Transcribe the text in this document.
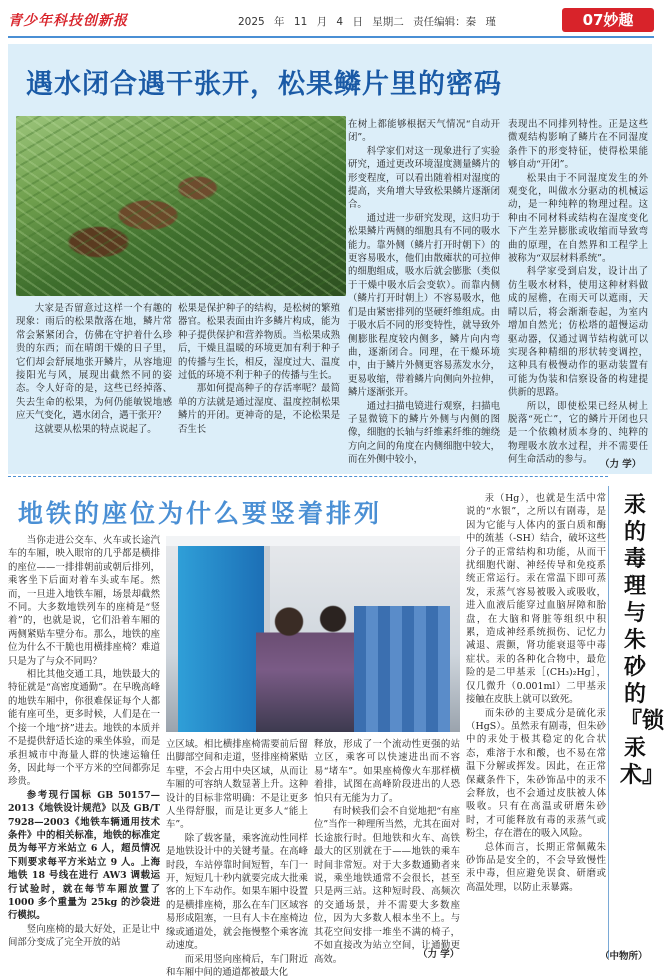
青少年科技创新报	2025 年 11 月 4 日 星期二 责任编辑：秦 瑾	07妙趣
遇水闭合遇干张开，松果鳞片里的密码

大家是否留意过这样一个有趣的现象：雨后的松果散落在地，鳞片常常会紧紧闭合，仿佛在守护着什么珍贵的东西；而在晴朗干燥的日子里，它们却会舒展地张开鳞片，从容地迎接阳光与风，展现出截然不同的姿态。令人好奇的是，这些已经掉落、失去生命的松果，为何仍能敏锐地感应天气变化，遇水闭合，遇干张开？

这就要从松果的特点说起了。

松果是保护种子的结构，是松树的繁殖器官。松果表面由许多鳞片构成，能为种子提供保护和营养物质。当松果成熟后，干燥且温暖的环境更加有利于种子的传播与生长，相反，湿度过大、温度过低的环境不利于种子的传播与生长。

那如何提高种子的存活率呢？最简单的方法就是通过湿度、温度控制松果鳞片的开闭。更神奇的是，不论松果是否生长

在树上都能够根据天气情况“自动开闭”。

科学家们对这一现象进行了实验研究，通过更改环境湿度测量鳞片的形变程度，可以看出随着相对湿度的提高，夹角增大导致松果鳞片逐渐闭合。

通过进一步研究发现，这归功于松果鳞片两侧的细胞具有不同的吸水能力。靠外侧（鳞片打开时朝下）的更容易吸水，他们由散瘫状的可拉伸的细胞组成，吸水后就会膨胀（类似于干燥中吸水后会变软）。而靠内侧（鳞片打开时朝上）不容易吸水，他们是由紧密排列的坚硬纤维组成。由于吸水后不同的形变特性，就导致外侧膨胀程度较内侧多，鳞片向内弯曲，逐渐闭合。同理，在干燥环境中，由于鳞片外侧更容易蒸发水分，更易收缩，带着鳞片向侧向外拉伸，鳞片逐渐张开。

通过扫描电镜进行观察，扫描电子显微镜下的鳞片外侧与内侧的图像，细胞的长轴与纤维素纤维的缠绕方向之间的角度在内侧细胞中较大，而在外侧中较小，

表现出不同排列特性。正是这些微观结构影响了鳞片在不同湿度条件下的形变特征，使得松果能够自动“开闭”。

松果由于不同湿度发生的外观变化，叫做水分驱动的机械运动，是一种纯粹的物理过程。这种由不同材料或结构在湿度变化下产生差异膨胀或收缩而导致弯曲的原理，在自然界和工程学上被称为“双层材料系统”。

科学家受到启发，设计出了仿生吸水材料，使用这种材料做成的屋檐，在雨天可以遮雨，天晴以后，将会渐渐卷起，为室内增加自然光；仿松塔的超慢运动驱动器，仅通过调节结构就可以实现各种精细的形状转变调控，这种具有极慢动作的驱动装置有可能为伪装和信察设备的构建提供新的思路。

所以，即使松果已经从树上脱落“死亡”，它的鳞片开闭也只是一个依赖材质本身的、纯粹的物理吸水放水过程，并不需要任何生命活动的参与。 （力 学）
地铁的座位为什么要竖着排列

当你走进公交车、火车或长途汽车的车厢，映入眼帘的几乎都是横排的座位——一排排朝前或朝后排列，乘客坐下后面对着车头或车尾。然而，一旦进入地铁车厢，场景却截然不同。大多数地铁列车的座椅是“竖着”的，也就是说，它们沿着车厢的两侧紧贴车壁分布。那么，地铁的座位为什么不干脆也用横排座椅？难道只是为了与众不同吗？

相比其他交通工具，地铁最大的特征就是“高密度通勤”。在早晚高峰的地铁车厢中，你很难保证每个人都能有座可坐，更多时候，人们是在一个接一个地“挤”进去。地铁的本质并不是提供舒适长途的乘坐体验，而是承担城市中海量人群的快速运输任务，因此每一个平方米的空间都弥足珍贵。

参考现行国标 GB 50157—2013《地铁设计规范》以及 GB/T 7928—2003《地铁车辆通用技术条件》中的相关标准，地铁的标准定员为每平方米站立 6 人，超员情况下则要求每平方米站立 9 人。上海地铁 18 号线在进行 AW3 调载运行试验时，就在每节车厢放置了 1000 多个重量为 25kg 的沙袋进行模拟。

竖向座椅的最大好处，正是让中间部分变成了完全开放的站

立区域。相比横排座椅需要前后留出脚部空间和走道，竖排座椅紧贴车壁，不会占用中央区域，从而让车厢的可容纳人数显著上升。这种设计的目标非常明确：不是让更多人坐得舒服，而是让更多人“能上车”。

除了载客量，乘客流动性同样是地铁设计中的关键考量。在高峰时段，车站停靠时间短暂，车门一开，短短几十秒内就要完成大批乘客的上下车动作。如果车厢中设置的是横排座椅，那么在车门区域容易形成阻塞，一旦有人卡在座椅边缘或通道处，就会拖慢整个乘客流动速度。

而采用竖向座椅后，车门附近和车厢中间的通道都被最大化

释放，形成了一个流动性更强的站立区，乘客可以快速进出而不容易“堵车”。如果座椅像火车那样横着排，试图在高峰阶段进出的人恐怕只有无能为力了。

有时候我们会不自觉地把“有座位”当作一种理所当然，尤其在面对长途旅行时。但地铁和火车、高铁最大的区别就在于——地铁的乘车时间非常短。对于大多数通勤者来说，乘坐地铁通常不会很长，甚至只是两三站。这种短时段、高频次的交通场景，并不需要大多数座位，因为大多数人根本坐不上。与其花空间安排一堆坐不满的椅子，不如直接改为站立空间，让通勤更高效。	（力 学）

汞（Hg），也就是生活中常说的“水银”，之所以有剧毒，是因为它能与人体内的蛋白质和酶中的巯基（-SH）结合，破坏这些分子的正常结构和功能，从而干扰细胞代谢、神经传导和免疫系统正常运行。汞在常温下即可蒸发，汞蒸气容易被吸入或吸收，进入血液后能穿过血脑屏障和胎盘，在大脑和肾脏等组织中积累，造成神经系统损伤、记忆力减退、震颤，肾功能衰退等中毒症状。汞的各种化合物中，最危险的是二甲基汞［(CH₃)₂Hg］，仅几微升（0.001ml）二甲基汞接触在皮肤上就可以致死。

而朱砂的主要成分是硫化汞（HgS）。虽然汞有剧毒，但朱砂中的汞处于极其稳定的化合状态，难溶于水和酸，也不易在常温下分解或挥发。因此，在正常保藏条件下，朱砂饰品中的汞不会释放，也不会通过皮肤被人体吸收。只有在高温或研磨朱砂时，才可能释放有毒的汞蒸气或粉尘，存在潜在的吸入风险。

总体而言，长期正常佩戴朱砂饰品是安全的，不会导致慢性汞中毒，但应避免误食、研磨或高温处理，以防止汞暴露。

汞的毒理与朱砂的『锁汞术』
（中物所）
